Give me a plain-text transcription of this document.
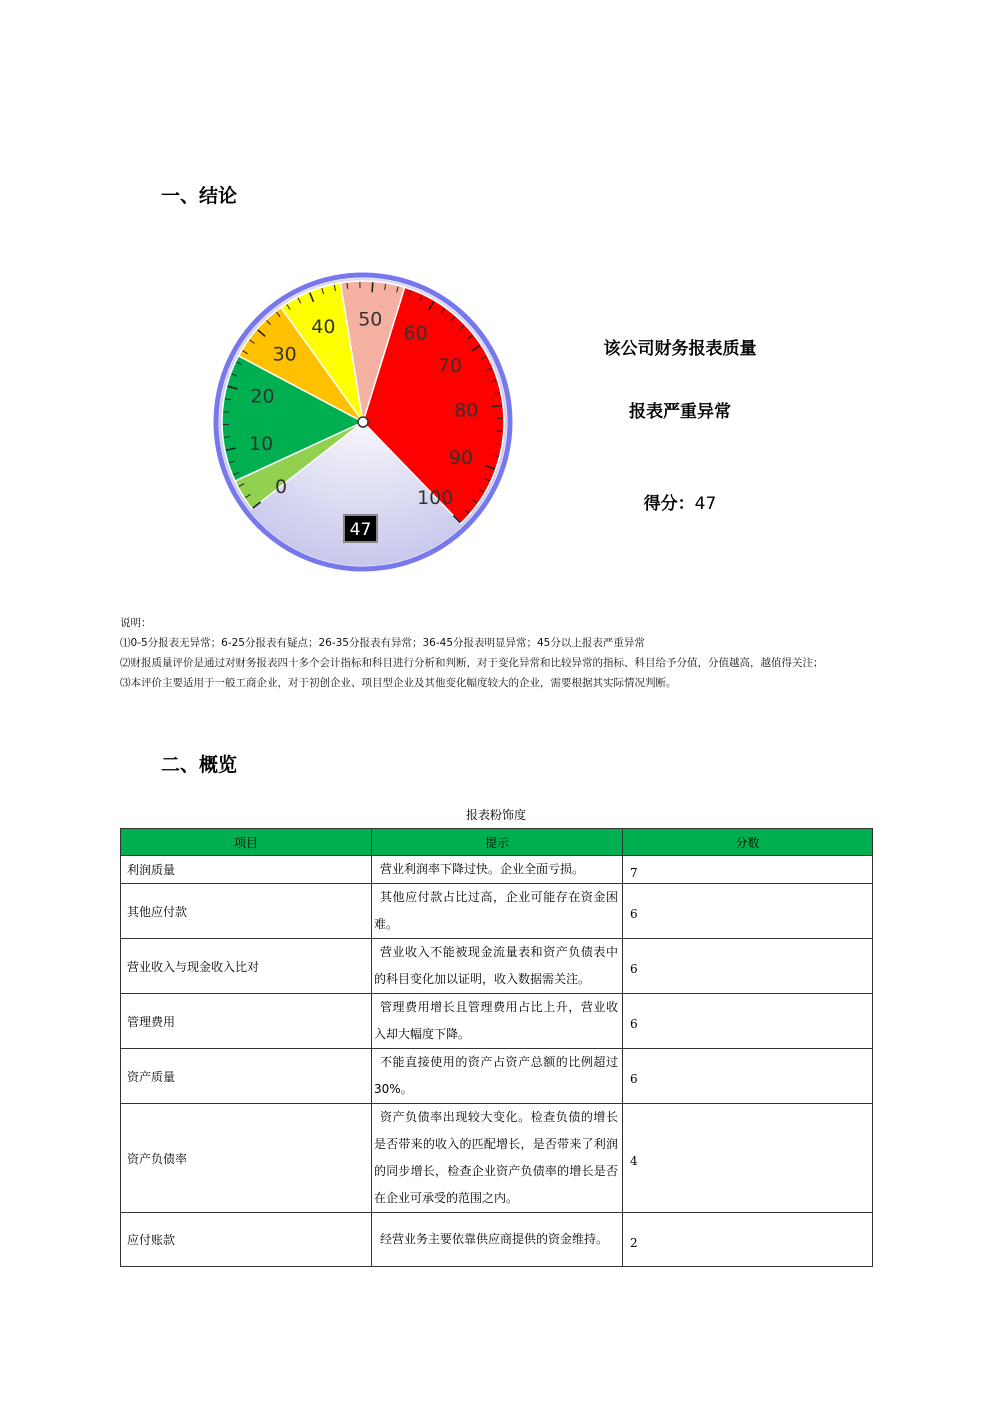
一、结论
0
10
20
30
40 50
60
70
80
90
100
47
该公司财务报表质量
报表严重异常
得分：47
说明：
⑴0-5分报表无异常；6-25分报表有疑点；26-35分报表有异常；36-45分报表明显异常；45分以上报表严重异常
⑵财报质量评价是通过对财务报表四十多个会计指标和科目进行分析和判断，对于变化异常和比较异常的指标、科目给予分值，分值越高，越值得关注；
⑶本评价主要适用于一般工商企业，对于初创企业、项目型企业及其他变化幅度较大的企业，需要根据其实际情况判断。
二、概览
报表粉饰度
项目	提示	分数
利润质量	营业利润率下降过快。企业全面亏损。	7
其他应付款	其他应付款占比过高，企业可能存在资金困难。	6
营业收入与现金收入比对	营业收入不能被现金流量表和资产负债表中的科目变化加以证明，收入数据需关注。	6
管理费用	管理费用增长且管理费用占比上升，营业收入却大幅度下降。	6
资产质量	不能直接使用的资产占资产总额的比例超过30%。	6
资产负债率	资产负债率出现较大变化。检查负债的增长是否带来的收入的匹配增长，是否带来了利润的同步增长，检查企业资产负债率的增长是否在企业可承受的范围之内。	4
应付账款	经营业务主要依靠供应商提供的资金维持。	2
